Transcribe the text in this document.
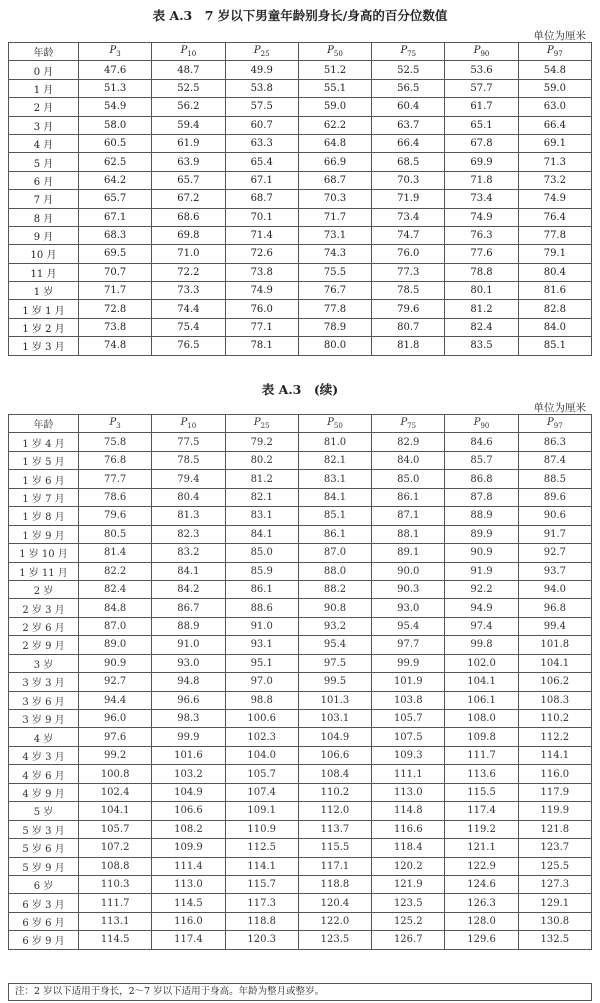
表 A.3　7 岁以下男童年龄别身长/身高的百分位数值
单位为厘米
年龄	$P_3$	$P_{10}$	$P_{25}$	$P_{50}$	$P_{75}$	$P_{90}$	$P_{97}$
0 月	47.6	48.7	49.9	51.2	52.5	53.6	54.8
1 月	51.3	52.5	53.8	55.1	56.5	57.7	59.0
2 月	54.9	56.2	57.5	59.0	60.4	61.7	63.0
3 月	58.0	59.4	60.7	62.2	63.7	65.1	66.4
4 月	60.5	61.9	63.3	64.8	66.4	67.8	69.1
5 月	62.5	63.9	65.4	66.9	68.5	69.9	71.3
6 月	64.2	65.7	67.1	68.7	70.3	71.8	73.2
7 月	65.7	67.2	68.7	70.3	71.9	73.4	74.9
8 月	67.1	68.6	70.1	71.7	73.4	74.9	76.4
9 月	68.3	69.8	71.4	73.1	74.7	76.3	77.8
10 月	69.5	71.0	72.6	74.3	76.0	77.6	79.1
11 月	70.7	72.2	73.8	75.5	77.3	78.8	80.4
1 岁	71.7	73.3	74.9	76.7	78.5	80.1	81.6
1 岁 1 月	72.8	74.4	76.0	77.8	79.6	81.2	82.8
1 岁 2 月	73.8	75.4	77.1	78.9	80.7	82.4	84.0
1 岁 3 月	74.8	76.5	78.1	80.0	81.8	83.5	85.1
表 A.3　(续)
单位为厘米
年龄	$P_3$	$P_{10}$	$P_{25}$	$P_{50}$	$P_{75}$	$P_{90}$	$P_{97}$
1 岁 4 月	75.8	77.5	79.2	81.0	82.9	84.6	86.3
1 岁 5 月	76.8	78.5	80.2	82.1	84.0	85.7	87.4
1 岁 6 月	77.7	79.4	81.2	83.1	85.0	86.8	88.5
1 岁 7 月	78.6	80.4	82.1	84.1	86.1	87.8	89.6
1 岁 8 月	79.6	81.3	83.1	85.1	87.1	88.9	90.6
1 岁 9 月	80.5	82.3	84.1	86.1	88.1	89.9	91.7
1 岁 10 月	81.4	83.2	85.0	87.0	89.1	90.9	92.7
1 岁 11 月	82.2	84.1	85.9	88.0	90.0	91.9	93.7
2 岁	82.4	84.2	86.1	88.2	90.3	92.2	94.0
2 岁 3 月	84.8	86.7	88.6	90.8	93.0	94.9	96.8
2 岁 6 月	87.0	88.9	91.0	93.2	95.4	97.4	99.4
2 岁 9 月	89.0	91.0	93.1	95.4	97.7	99.8	101.8
3 岁	90.9	93.0	95.1	97.5	99.9	102.0	104.1
3 岁 3 月	92.7	94.8	97.0	99.5	101.9	104.1	106.2
3 岁 6 月	94.4	96.6	98.8	101.3	103.8	106.1	108.3
3 岁 9 月	96.0	98.3	100.6	103.1	105.7	108.0	110.2
4 岁	97.6	99.9	102.3	104.9	107.5	109.8	112.2
4 岁 3 月	99.2	101.6	104.0	106.6	109.3	111.7	114.1
4 岁 6 月	100.8	103.2	105.7	108.4	111.1	113.6	116.0
4 岁 9 月	102.4	104.9	107.4	110.2	113.0	115.5	117.9
5 岁	104.1	106.6	109.1	112.0	114.8	117.4	119.9
5 岁 3 月	105.7	108.2	110.9	113.7	116.6	119.2	121.8
5 岁 6 月	107.2	109.9	112.5	115.5	118.4	121.1	123.7
5 岁 9 月	108.8	111.4	114.1	117.1	120.2	122.9	125.5
6 岁	110.3	113.0	115.7	118.8	121.9	124.6	127.3
6 岁 3 月	111.7	114.5	117.3	120.4	123.5	126.3	129.1
6 岁 6 月	113.1	116.0	118.8	122.0	125.2	128.0	130.8
6 岁 9 月	114.5	117.4	120.3	123.5	126.7	129.6	132.5
注：2 岁以下适用于身长，2～7 岁以下适用于身高。年龄为整月或整岁。
